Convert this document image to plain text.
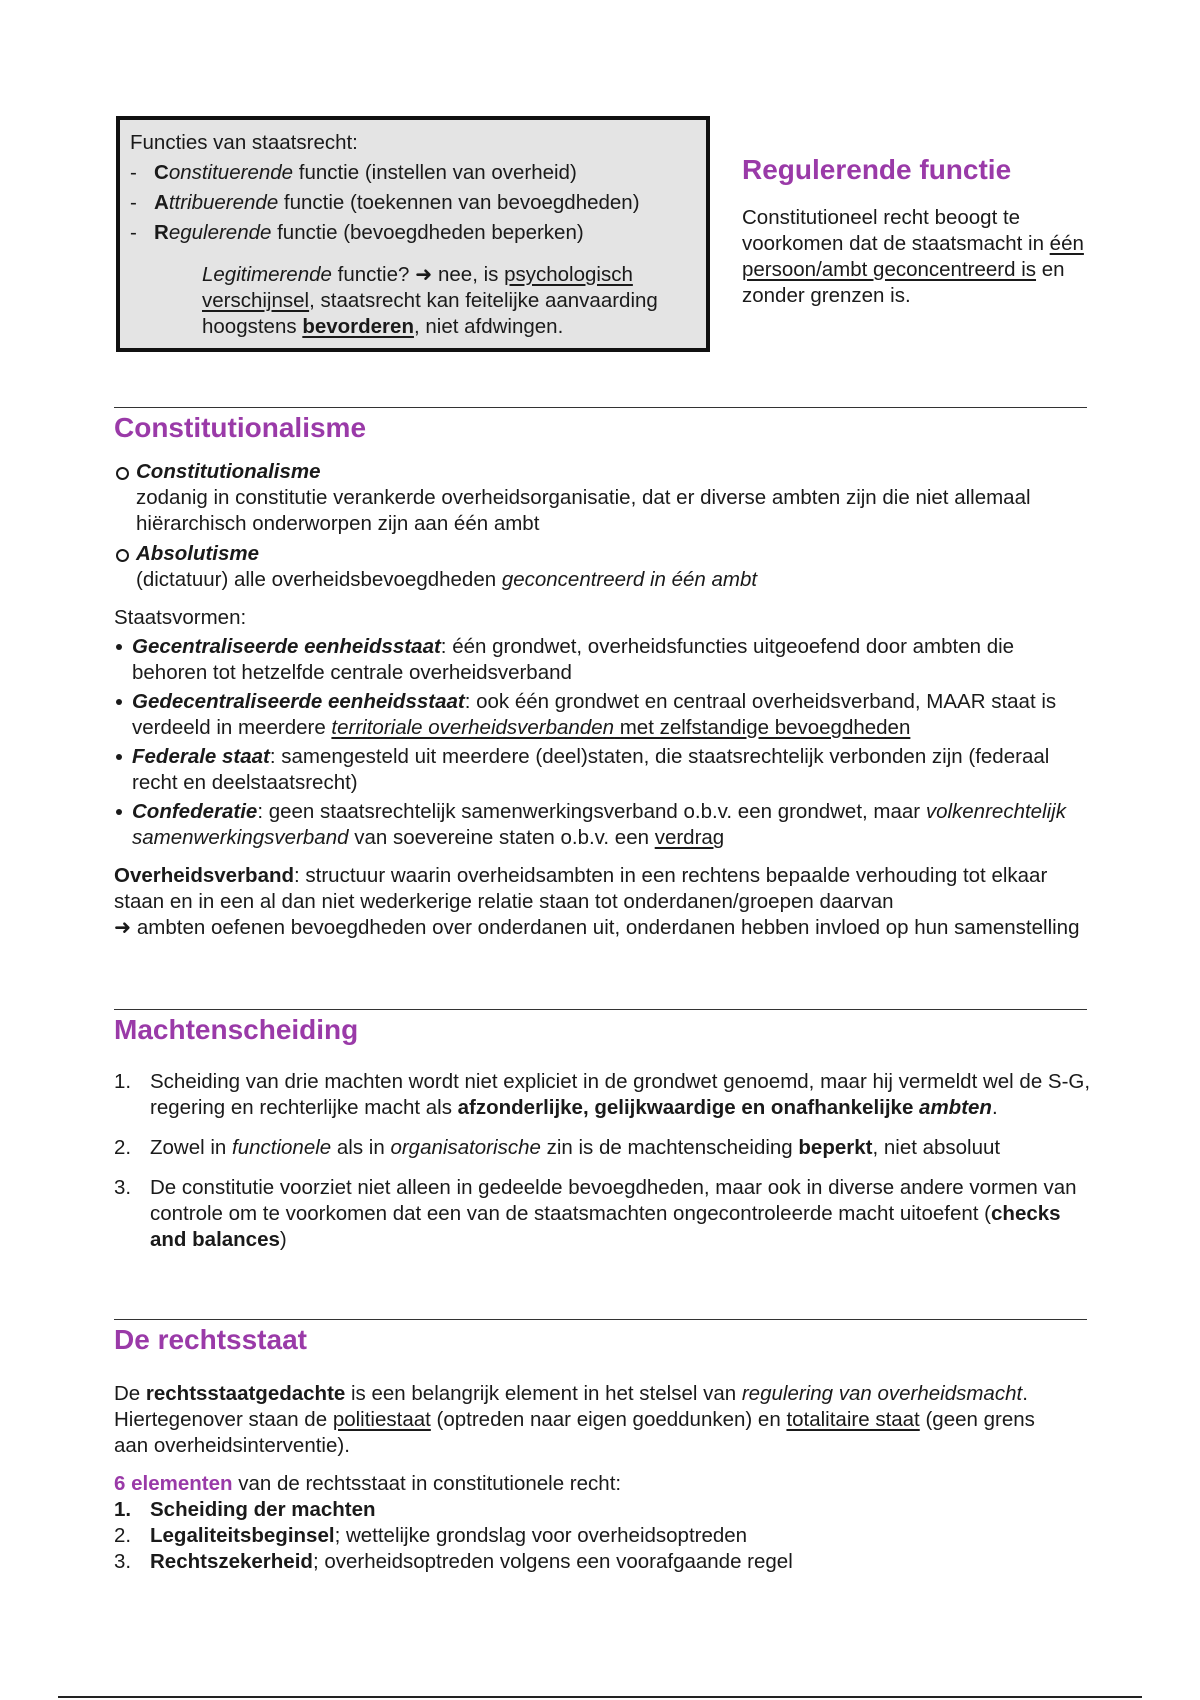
Functies van staatsrecht:
- Constituerende functie (instellen van overheid)
- Attribuerende functie (toekennen van bevoegdheden)
- Regulerende functie (bevoegdheden beperken)
Legitimerende functie? ➜ nee, is psychologisch verschijnsel, staatsrecht kan feitelijke aanvaarding hoogstens bevorderen, niet afdwingen.
Regulerende functie
Constitutioneel recht beoogt te voorkomen dat de staatsmacht in één persoon/ambt geconcentreerd is en zonder grenzen is.
Constitutionalisme
Constitutionalisme
zodanig in constitutie verankerde overheidsorganisatie, dat er diverse ambten zijn die niet allemaal hiërarchisch onderworpen zijn aan één ambt
Absolutisme
(dictatuur) alle overheidsbevoegdheden geconcentreerd in één ambt
Staatsvormen:
Gecentraliseerde eenheidsstaat: één grondwet, overheidsfuncties uitgeoefend door ambten die behoren tot hetzelfde centrale overheidsverband
Gedecentraliseerde eenheidsstaat: ook één grondwet en centraal overheidsverband, MAAR staat is verdeeld in meerdere territoriale overheidsverbanden met zelfstandige bevoegdheden
Federale staat: samengesteld uit meerdere (deel)staten, die staatsrechtelijk verbonden zijn (federaal recht en deelstaatsrecht)
Confederatie: geen staatsrechtelijk samenwerkingsverband o.b.v. een grondwet, maar volkenrechtelijk samenwerkingsverband van soevereine staten o.b.v. een verdrag
Overheidsverband: structuur waarin overheidsambten in een rechtens bepaalde verhouding tot elkaar staan en in een al dan niet wederkerige relatie staan tot onderdanen/groepen daarvan
➜ ambten oefenen bevoegdheden over onderdanen uit, onderdanen hebben invloed op hun samenstelling
Machtenscheiding
1. Scheiding van drie machten wordt niet expliciet in de grondwet genoemd, maar hij vermeldt wel de S-G, regering en rechterlijke macht als afzonderlijke, gelijkwaardige en onafhankelijke ambten.
2. Zowel in functionele als in organisatorische zin is de machtenscheiding beperkt, niet absoluut
3. De constitutie voorziet niet alleen in gedeelde bevoegdheden, maar ook in diverse andere vormen van controle om te voorkomen dat een van de staatsmachten ongecontroleerde macht uitoefent (checks and balances)
De rechtsstaat
De rechtsstaatgedachte is een belangrijk element in het stelsel van regulering van overheidsmacht. Hiertegenover staan de politiestaat (optreden naar eigen goeddunken) en totalitaire staat (geen grens aan overheidsinterventie).
6 elementen van de rechtsstaat in constitutionele recht:
1. Scheiding der machten
2. Legaliteitsbeginsel; wettelijke grondslag voor overheidsoptreden
3. Rechtszekerheid; overheidsoptreden volgens een voorafgaande regel
